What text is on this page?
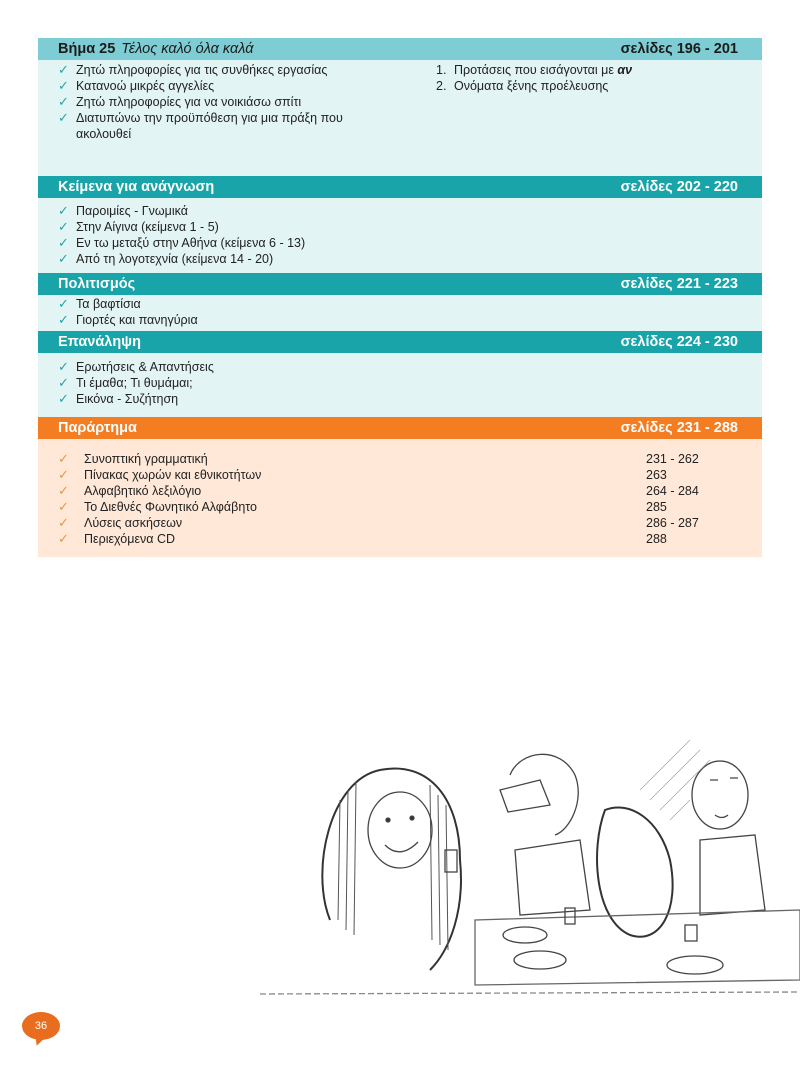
Βήμα 25 Τέλος καλό όλα καλά	σελίδες 196 - 201
✓ Ζητώ πληροφορίες για τις συνθήκες εργασίας
✓ Κατανοώ μικρές αγγελίες
✓ Ζητώ πληροφορίες για να νοικιάσω σπίτι
✓ Διατυπώνω την προϋπόθεση για μια πράξη που ακολουθεί
1. Προτάσεις που εισάγονται με αν
2. Ονόματα ξένης προέλευσης
Κείμενα για ανάγνωση	σελίδες 202 - 220
✓ Παροιμίες - Γνωμικά
✓ Στην Αίγινα (κείμενα 1 - 5)
✓ Εν τω μεταξύ στην Αθήνα (κείμενα 6 - 13)
✓ Από τη λογοτεχνία (κείμενα 14 - 20)
Πολιτισμός	σελίδες 221 - 223
✓ Τα βαφτίσια
✓ Γιορτές και πανηγύρια
Επανάληψη	σελίδες 224 - 230
✓ Ερωτήσεις & Απαντήσεις
✓ Τι έμαθα; Τι θυμάμαι;
✓ Εικόνα - Συζήτηση
Παράρτημα	σελίδες 231 - 288
✓	Συνοπτική γραμματική	231 - 262
✓	Πίνακας χωρών και εθνικοτήτων	263
✓	Αλφαβητικό λεξιλόγιο	264 - 284
✓	Το Διεθνές Φωνητικό Αλφάβητο	285
✓	Λύσεις ασκήσεων	286 - 287
✓	Περιεχόμενα CD	288
36
